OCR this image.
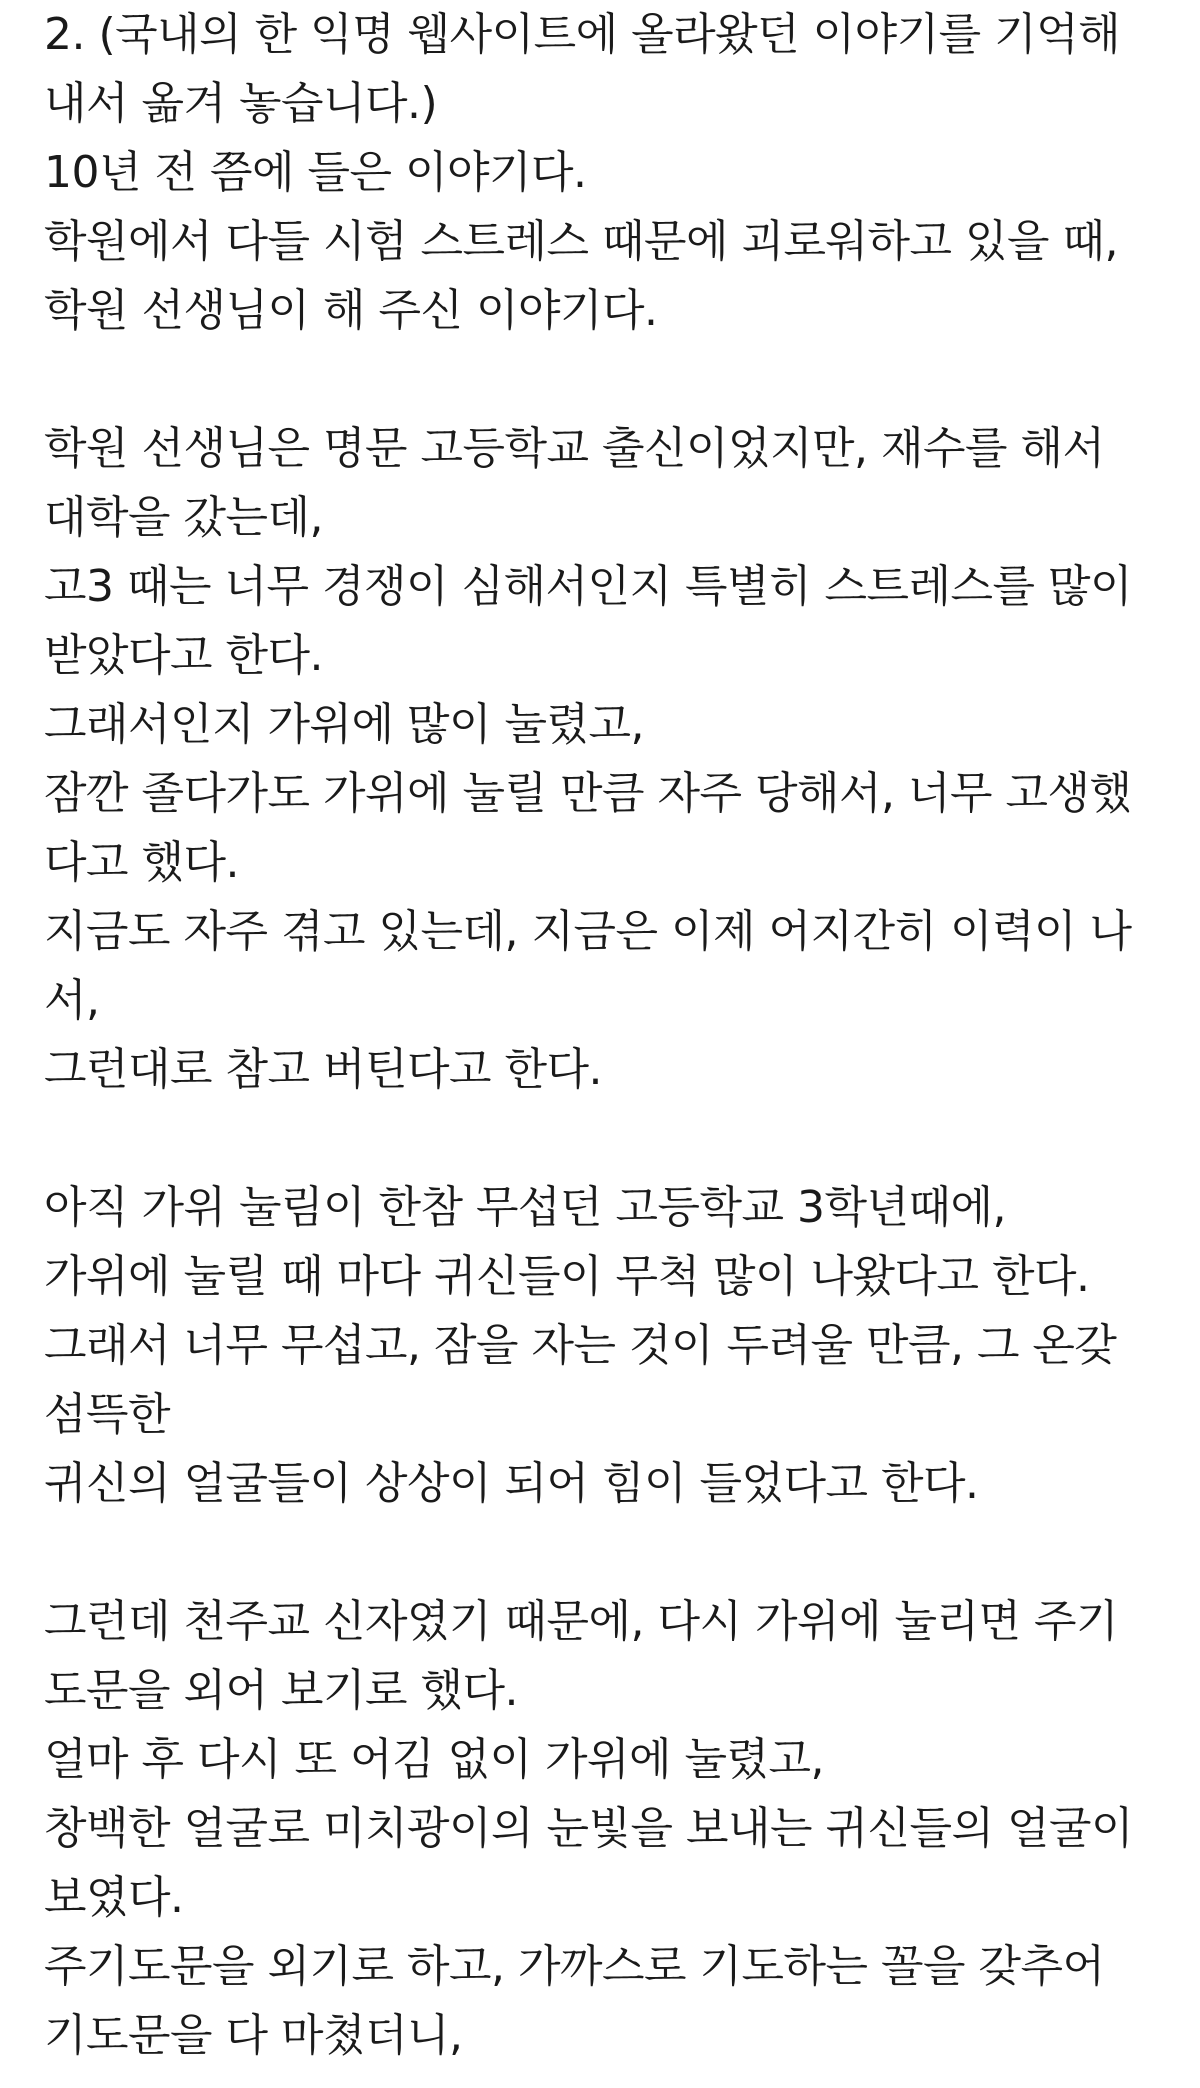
2. (국내의 한 익명 웹사이트에 올라왔던 이야기를 기억해
내서 옮겨 놓습니다.)
10년 전 쯤에 들은 이야기다.
학원에서 다들 시험 스트레스 때문에 괴로워하고 있을 때,
학원 선생님이 해 주신 이야기다.
학원 선생님은 명문 고등학교 출신이었지만, 재수를 해서
대학을 갔는데,
고3 때는 너무 경쟁이 심해서인지 특별히 스트레스를 많이
받았다고 한다.
그래서인지 가위에 많이 눌렸고,
잠깐 졸다가도 가위에 눌릴 만큼 자주 당해서, 너무 고생했
다고 했다.
지금도 자주 겪고 있는데, 지금은 이제 어지간히 이력이 나
서,
그런대로 참고 버틴다고 한다.
아직 가위 눌림이 한참 무섭던 고등학교 3학년때에,
가위에 눌릴 때 마다 귀신들이 무척 많이 나왔다고 한다.
그래서 너무 무섭고, 잠을 자는 것이 두려울 만큼, 그 온갖
섬뜩한
귀신의 얼굴들이 상상이 되어 힘이 들었다고 한다.
그런데 천주교 신자였기 때문에, 다시 가위에 눌리면 주기
도문을 외어 보기로 했다.
얼마 후 다시 또 어김 없이 가위에 눌렸고,
창백한 얼굴로 미치광이의 눈빛을 보내는 귀신들의 얼굴이
보였다.
주기도문을 외기로 하고, 가까스로 기도하는 꼴을 갖추어
기도문을 다 마쳤더니,
